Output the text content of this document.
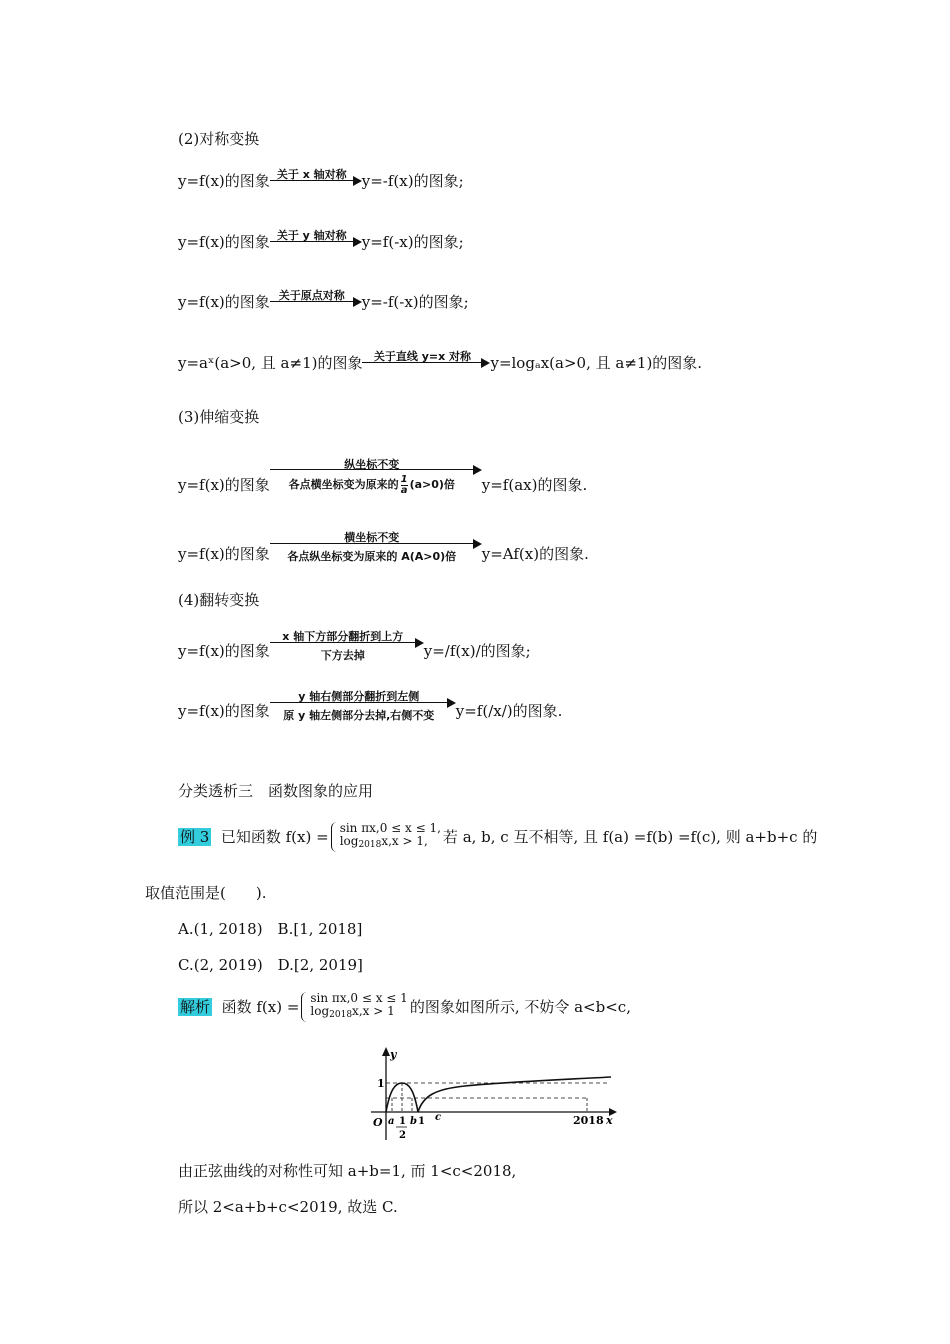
(2)对称变换
y=f(x)的图象 关于 x 轴对称	y=-f(x)的图象;
y=f(x)的图象 关于 y 轴对称	y=f(-x)的图象;
y=f(x)的图象 关于原点对称	y=-f(-x)的图象;
y=aˣ(a>0, 且 a≠1)的图象	关于直线 y=x 对称	y=logₐx(a>0, 且 a≠1)的图象.
(3)伸缩变换
y=f(x)的图象
纵坐标不变
各点横坐标变为原来的 $\frac{1}{a} (a>0)$倍	y=f(ax)的图象.
y=f(x)的图象
横坐标不变
各点纵坐标变为原来的 A(A>0)倍	y=Af(x)的图象.
(4)翻转变换
y=f(x)的图象
x 轴下方部分翻折到上方
下方去掉	y=/f(x)/的图象;
y=f(x)的图象
y 轴右侧部分翻折到左侧
原 y 轴左侧部分去掉,右侧不变	y=f(/x/)的图象.
分类透析三　函数图象的应用
例 3 已知函数 f(x) = sin πx,0 ≤ x ≤ 1,
$\log_{2018}x,x > 1$,	若 a, b, c 互不相等, 且 f(a) =f(b) =f(c), 则 a+b+c 的
取值范围是(　　).
A.(1, 2018)　B.[1, 2018]
C.(2, 2019)　D.[2, 2019]
解析 函数 f(x) = sin πx,0 ≤ x ≤ 1
$\log_{2018}x,x > 1$	的图象如图所示, 不妨令 a<b<c,
y
x
O
1
a 1
2
b 1 c	2018
由正弦曲线的对称性可知 a+b=1, 而 1<c<2018,
所以 2<a+b+c<2019, 故选 C.
